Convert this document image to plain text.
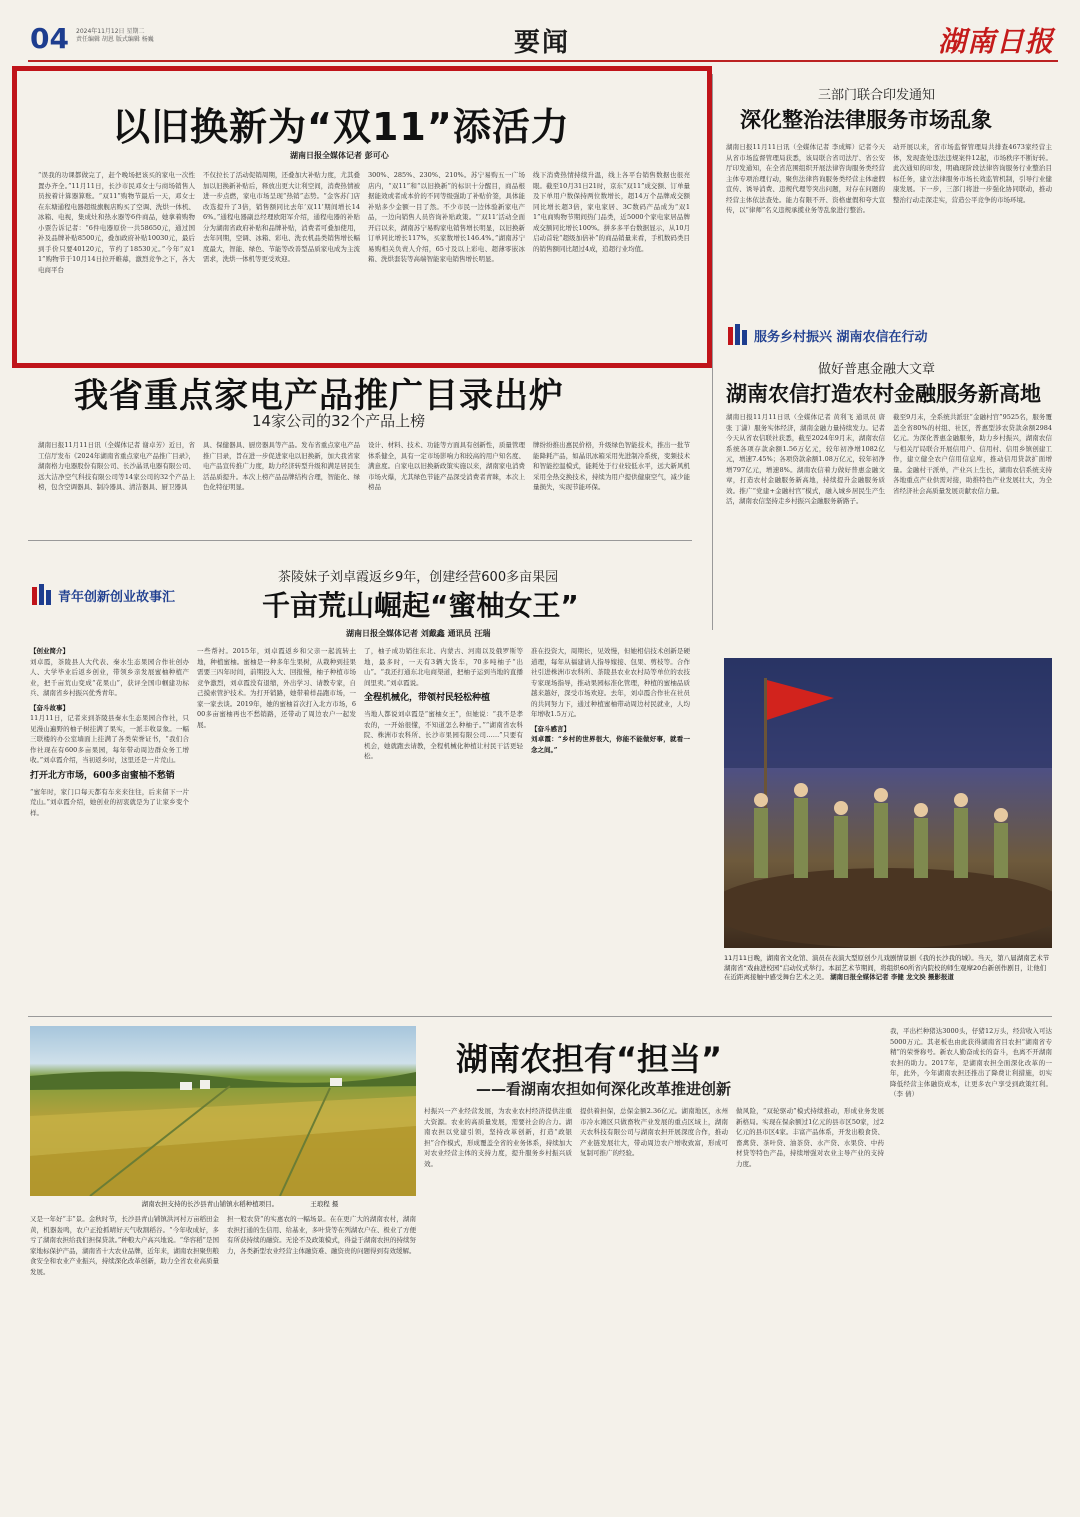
04 2024年11月12日 星期二
责任编辑 胡恩 版式编辑 杨巍	要闻	湖南日报
以旧换新为“双11”添活力
湖南日报全媒体记者 彭可心
“误我的功课都做完了，赶个晚场把该买的家电一次性置办齐全。”11月11日，长沙市民邓女士与商场销售人员按着计算器算账。“双11”购物节最后一天，邓女士在东塘通程电器超级旗舰店购买了空调、洗烘一体机、冰箱、电视，集成灶和热水器等6件商品，她拿着购物小票告诉记者：“6件电器原价一共58650元，通过国补及品牌补贴8500元，叠加政府补贴10030元，最后到手价只要40120元，节约了18530元。”今年“双11”购物节于10月14日拉开帷幕，激烈竞争之下，各大电商平台
不仅拉长了活动促销周期，还叠加大补贴力度，尤其叠加以旧换新补贴后，释放出更大让利空间，消费热情被进一步点燃，家电市场呈现“热销”态势。“金客苏门店改选提升了3倍，销售额同比去年‘双11’期间增长146%。”通程电器副总经理欧阳军介绍，通程电器的补贴分为湖南省政府补贴和品牌补贴，消费者可叠加使用，去年同期，空调、冰箱、彩电、洗衣机品类销售增长幅度最大，智能、绿色、节能等改善型品质家电成为主流需求，洗烘一体机等更受欢迎。
300%、285%、230%、210%。苏宁易购五一广场店内，“双11”和“以旧换新”的标识十分醒目，商品根据能效或者成本价的不同等级强助了补贴价签，具体能补贴多少金额一目了然。不少市民一边体验新家电产品，一边向销售人员咨询补贴政策。“‘双11’活动全面开启以来，湖南苏宁易购家电销售增长明显，以旧换新订单同比增长117%，买家数增长146.4%。”湖南苏宁易购相关负责人介绍，65寸及以上彩电、超薄零嵌冰箱、洗烘套装等高端智能家电销售增长明显。
线下消费热情持续升温，线上各平台销售数据也很亮眼。截至10月31日21时，京东“双11”成交额、订单量及下单用户数保持两位数增长，超14万个品牌成交额同比增长超3倍，家电家居、3C数码产品成为“双11”电商购物节期间热门品类，近5000个家电家居品牌成交额同比增长100%。拼多多平台数据显示，从10月启动首轮“超级加倍补”的商品销量来看，手机数码类目的销售额同比超过4成，追超行业均值。
我省重点家电产品推广目录出炉
14家公司的32个产品上榜
湖南日报11月11日讯（全媒体记者 谢卓芳）近日，省工信厅发布《2024年湖南省重点家电产品推广目录》，湖南格力电器股份有限公司、长沙晶讯电器有限公司、远大洁净空气科技有限公司等14家公司的32个产品上榜，包含空调器具、制冷器具、清洁器具、厨卫器具
具、保健器具、厨房器具等产品。发布省重点家电产品推广目录，旨在进一步促进家电以旧换新，加大我省家电产品宣传推广力度，助力经济转型升级和满足居民生活品质提升。本次上榜产品品牌结构合理，智能化、绿色化特征明显。
设计、材料、技术、功能等方面具有创新性，质量管理体系健全，具有一定市场影响力和较高的用户知名度、满意度。自家电以旧换新政策实施以来，湖南家电消费市场火爆，尤其绿色节能产品深受消费者青睐，本次上榜品
牌纷纷推出惠民价格，升级绿色智能技术，推出一批节能降耗产品，如晶讯冰箱采用先进制冷系统，变频技术和智能控温模式，能耗处于行业较低水平，远大新风机采用全热交换技术，持续为用户提供健康空气，减少能量损失，实现节能环保。
三部门联合印发通知
深化整治法律服务市场乱象
湖南日报11月11日讯（全媒体记者 李成辉）记者今天从省市场监督管理局获悉，该局联合省司法厅、省公安厅印发通知，在全省范围组织开展法律咨询服务类经营主体专项治理行动，聚焦法律咨询服务类经营主体虚假宣传、诱导消费、违规代理等突出问题，对存在问题的经营主体依法查处。能力有限不开、资格虚假和夸大宣传，以“律师”名义违规承揽业务等乱象进行整治。
动开展以来，省市场监督管理局共排查4673家经营主体，发现查处违法违规案件12起，市场秩序不断好转。此次通知的印发，明确现阶段法律咨询服务行业整治目标任务，建立法律服务市场长效监管机制，引导行业健康发展。下一步，三部门将进一步强化协同联动，推动整治行动走深走实，营造公平竞争的市场环境。
服务乡村振兴 湖南农信在行动
做好普惠金融大文章
湖南农信打造农村金融服务新高地
湖南日报11月11日讯（全媒体记者 黄利飞 通讯员 唐张 丁潇）服务实体经济，湖南金融力量持续发力。记者今天从省农信联社获悉，截至2024年9月末，湖南农信系统各项存款余额1.56万亿元，较年初净增1082亿元，增速7.45%；各项贷款余额1.08万亿元，较年初净增797亿元，增速8%。湖南农信着力做好普惠金融文章，打造农村金融服务新高地，持续提升金融服务质效。推广“党建+金融村官”模式，融入城乡居民生产生活，湖南农信坚持走乡村振兴金融服务新路子。
截至9月末，全系统共派驻“金融村官”9525名，服务覆盖全省80%的村组、社区，普惠型涉农贷款余额2984亿元。为深化普惠金融服务，助力乡村振兴，湖南农信与相关厅局联合开展信用户、信用村、信用乡镇创建工作，建立健全农户信用信息库，推动信用贷款扩面增量。金融村干派单，产业兴上生长，湖南农信系统支持各地重点产业供需对接，助推特色产业发展壮大，为全省经济社会高质量发展贡献农信力量。
青年创新创业故事汇
茶陵妹子刘卓霞返乡9年，创建经营600多亩果园
千亩荒山崛起“蜜柚女王”
湖南日报全媒体记者 刘戴鑫 通讯员 汪瑞
【创业简介】
刘卓霞，茶陵县人大代表、秦水生态果园合作社创办人、大学毕业后返乡创业，带领乡亲发展蜜柚种植产业，把千亩荒山变成“花果山”，获评全国巾帼建功标兵、湖南省乡村振兴优秀青年。
【奋斗故事】
11月11日，记者来到茶陵县秦水生态果园合作社，只见漫山遍野的柚子树挂满了果实，一派丰收景象。一幅三联楼的办公室墙面上挂满了各类荣誉证书，“我们合作社现在有600多亩果园，每年带动周边群众务工增收。”刘卓霞介绍，当初返乡时，这里还是一片荒山。
打开北方市场，600多亩蜜柚不愁销
“蜜年时，家门口每天都有车来来往往，后来留下一片荒山。”刘卓霞介绍，她创业的初衷就是为了让家乡变个样。
一些帮衬。2015年，刘卓霞返乡和父亲一起流转土地，种植蜜柚。蜜柚是一种多年生果树，从栽种到挂果需要三四年时间，前期投入大、回报慢，柚子种植市场竞争激烈，刘卓霞没有退缩，外出学习、请教专家，自己摸索管护技术。为打开销路，她带着样品跑市场，一家一家去谈。2019年，她的蜜柚首次打入北方市场，600多亩蜜柚再也不愁销路，还带动了周边农户一起发展。
了，柚子成功销往东北、内蒙古、河南以及俄罗斯等地，最多时，一天有3辆大货车，70多吨柚子“出山”。“我还打通东北电商渠道，把柚子运到当地的直播间里卖。”刘卓霞说。
全程机械化，带领村民轻松种植
当地人都说刘卓霞是“蜜柚女王”，但她说：“我不是孝农的，一开始很懂，不知道怎么种柚子。”“湖南省农科院、株洲市农科所、长沙市果园有限公司……”只要有机会，她就跑去请教，全程机械化种植让村民干活更轻松。
准在投资大，周期长，见效慢，但她相信技术创新是硬道理，每年从福建请人指导嫁接、包果、剪枝等。合作社引进株洲市农科所、茶陵县农业农村局等单位的农技专家现场指导，推动果园标准化管理，种植的蜜柚品质越来越好，深受市场欢迎。去年，刘卓霞合作社在社员的共同努力下，通过种植蜜柚带动周边村民就业，人均年增收1.5万元。
【奋斗感言】
刘卓霞：“乡村的世界很大，你能不能做好事，就看一念之间。”
11月11日晚，湖南省文化馆、演员在表演大型原创少儿戏剧情景剧《我的长沙我的城》。当天，第八届湖南艺术节湖南省“戏曲进校园”启动仪式举行。本届艺术节期间，将组织60所省内院校的师生观摩20台新创作剧目，让他们在近距离接触中感受舞台艺术之美。 湖南日报全媒体记者 李健 龙文泱 摄影报道
湖南农担支持的长沙县青山铺镇水稻种植项目。	王琅程 摄
湖南农担有“担当”
——看湖南农担如何深化改革推进创新
又是一年好“丰”景。金秋时节，长沙县青山铺镇洪河村万亩稻田金黄，机器轰鸣，农户正抢抓晴好天气收割稻谷。“今年收成好，多亏了湖南农担给我们担保贷款。”种粮大户高兴地说。“华容稻”是国家地标保护产品，湖南省十大农业品牌，近年来，湖南农担聚焦粮食安全和农业产业振兴，持续深化改革创新，助力全省农业高质量发展。
担一般农贷“的实惠农的一幅场景。在在更广大的湖南农村，湖南农担打通的生信用、给基业，多叶贷等在列湖农户在、极业了方便有所获持续的融资。无论不及政策模式，得益于湖南农担的持续努力，各类新型农业经营主体融资难、融资贵的问题得到有效缓解。
村振兴一产业经营发展，为农业农村经济提供注重大资源。农业的高质量发展，需要社会的合力。湖南农担以党建引领，坚持改革创新，打造“政银担”合作模式，形成覆盖全省的业务体系，持续加大对农业经营主体的支持力度，提升服务乡村振兴质效。
提供着担保，总保金额2.36亿元。湖南地区，永州市冷水滩区只做畜牧产业发展的重点区域上，湖南天农科技有限公司与湖南农担开展深度合作，推动产业链发展壮大，带动周边农户增收致富，形成可复制可推广的经验。
做风险，“双轮驱动”模式持续推动，形成业务发展新格局。实现在保余额过1亿元的县市区50家，过2亿元的县市区4家。丰富产品体系，开发出粮食贷、畜禽贷、茶叶贷、油茶贷、水产贷、水果贷、中药材贷等特色产品，持续增强对农业主导产业的支持力度。
我，平出栏种猪达3000头，仔猪12万头，经营收入可达5000万元。其老板也由此获得湖南省目农担“湖南省专精”的荣誉称号。新农人勤奋成长的奋斗，也离不开湖南农担的助力。2017年，是湖南农担全面深化改革的一年，此外，今年湖南农担还推出了降费让利措施，切实降低经营主体融资成本，让更多农户享受到政策红利。（李 倩）
